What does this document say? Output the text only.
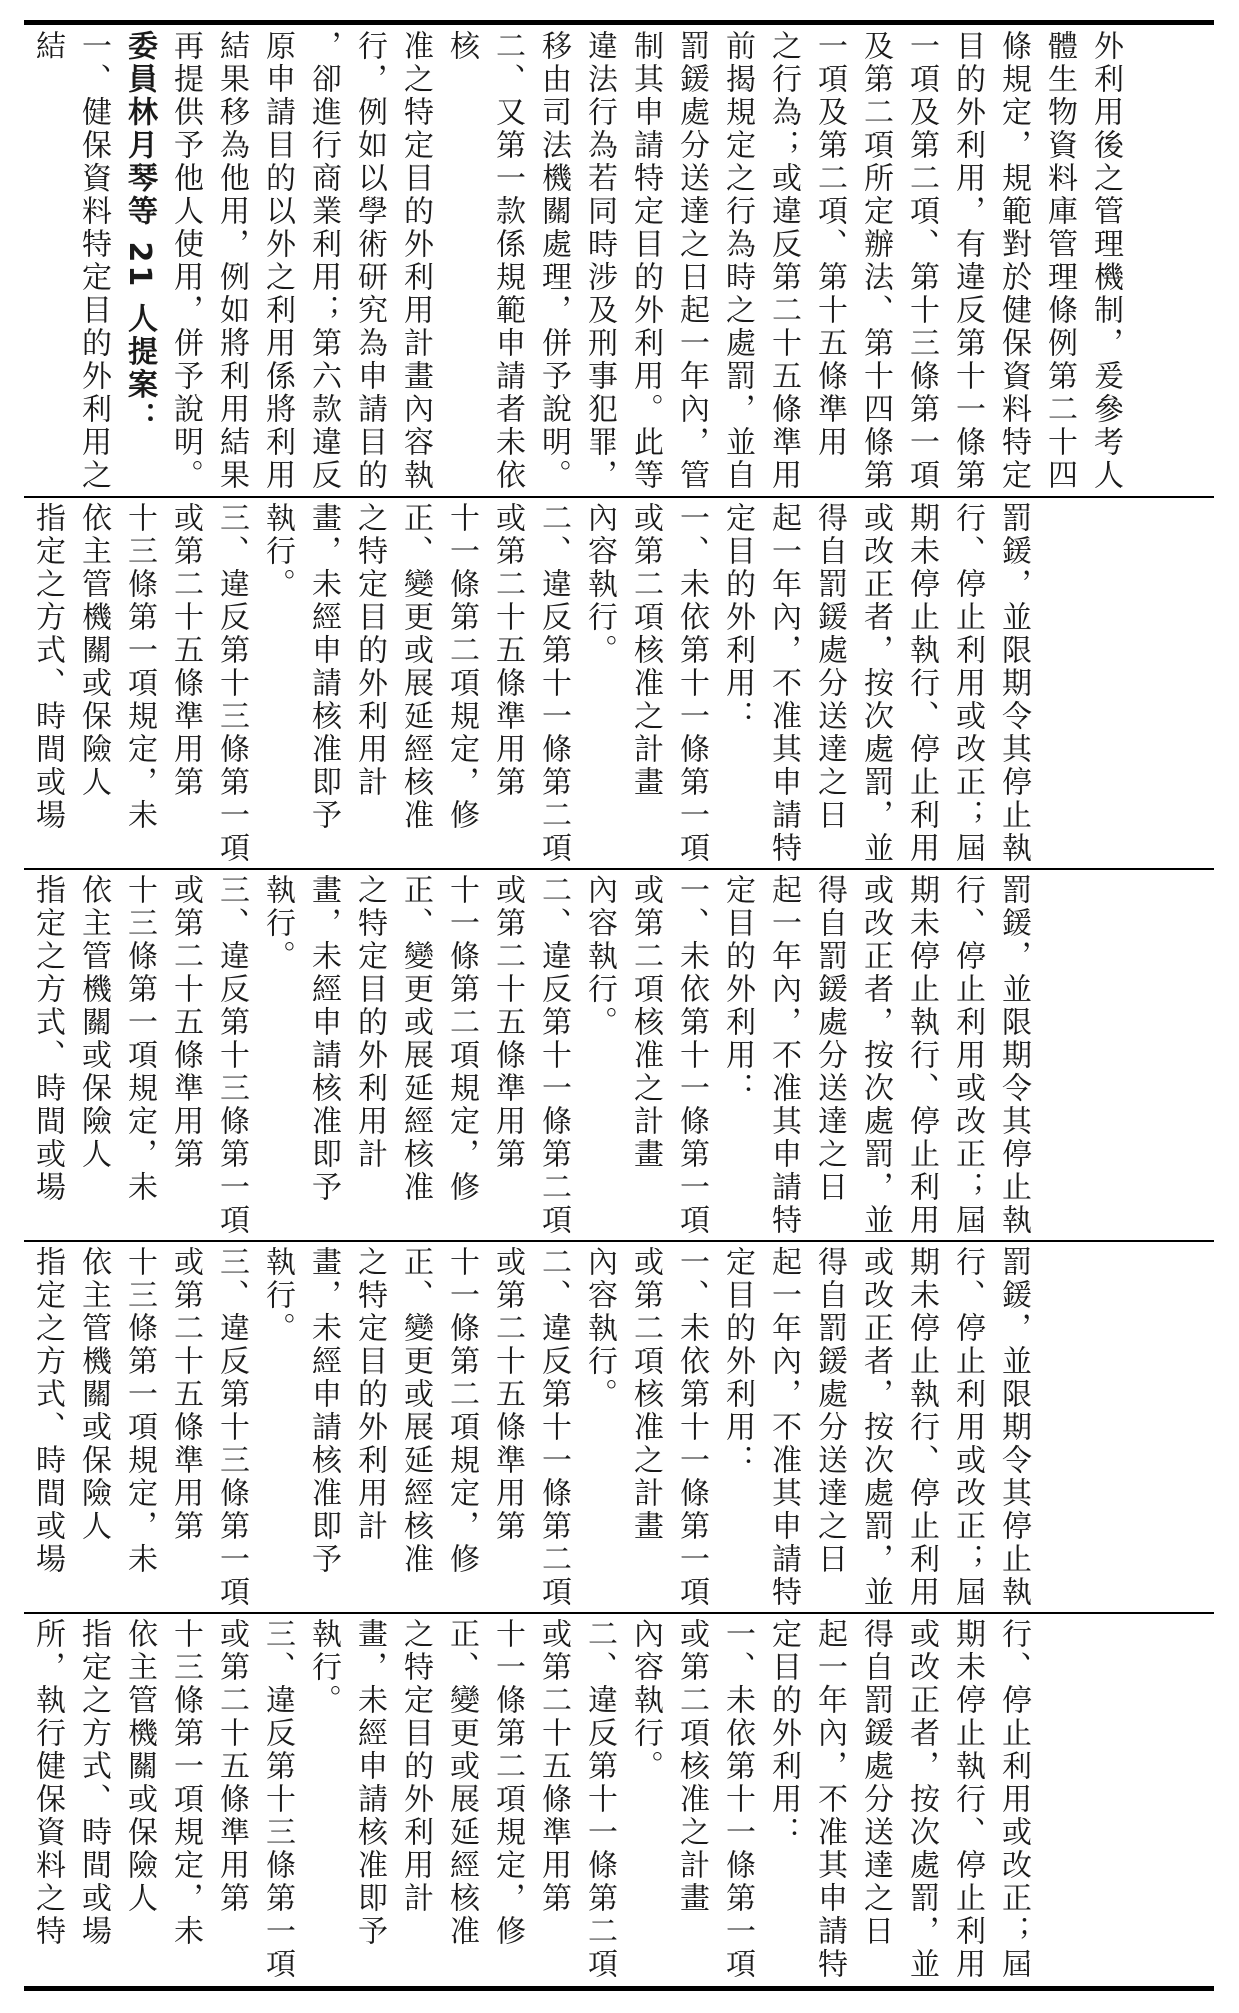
外利用後之管理機制，爰參考人

體生物資料庫管理條例第二十四

條規定，規範對於健保資料特定

目的外利用，有違反第十一條第

一項及第二項、第十三條第一項

及第二項所定辦法、第十四條第

一項及第二項、第十五條準用

之行為；或違反第二十五條準用

前揭規定之行為時之處罰，並自

罰鍰處分送達之日起一年內，管

制其申請特定目的外利用。此等

違法行為若同時涉及刑事犯罪，

移由司法機關處理，併予說明。

二、又第一款係規範申請者未依核

准之特定目的外利用計畫內容執

行，例如以學術研究為申請目的

，卻進行商業利用；第六款違反

原申請目的以外之利用係將利用

結果移為他用，例如將利用結果

再提供予他人使用，併予說明。

委員林月琴等 21 人提案：

一、健保資料特定目的外利用之結

罰鍰，並限期令其停止執

行、停止利用或改正；屆

期未停止執行、停止利用

或改正者，按次處罰，並

得自罰鍰處分送達之日

起一年內，不准其申請特

定目的外利用：

一、未依第十一條第一項

或第二項核准之計畫

內容執行。

二、違反第十一條第二項

或第二十五條準用第

十一條第二項規定，修

正、變更或展延經核准

之特定目的外利用計

畫，未經申請核准即予

執行。

三、違反第十三條第一項

或第二十五條準用第

十三條第一項規定，未

依主管機關或保險人

指定之方式、時間或場

罰鍰，並限期令其停止執

行、停止利用或改正；屆

期未停止執行、停止利用

或改正者，按次處罰，並

得自罰鍰處分送達之日

起一年內，不准其申請特

定目的外利用：

一、未依第十一條第一項

或第二項核准之計畫

內容執行。

二、違反第十一條第二項

或第二十五條準用第

十一條第二項規定，修

正、變更或展延經核准

之特定目的外利用計

畫，未經申請核准即予

執行。

三、違反第十三條第一項

或第二十五條準用第

十三條第一項規定，未

依主管機關或保險人

指定之方式、時間或場

罰鍰，並限期令其停止執

行、停止利用或改正；屆

期未停止執行、停止利用

或改正者，按次處罰，並

得自罰鍰處分送達之日

起一年內，不准其申請特

定目的外利用：

一、未依第十一條第一項

或第二項核准之計畫

內容執行。

二、違反第十一條第二項

或第二十五條準用第

十一條第二項規定，修

正、變更或展延經核准

之特定目的外利用計

畫，未經申請核准即予

執行。

三、違反第十三條第一項

或第二十五條準用第

十三條第一項規定，未

依主管機關或保險人

指定之方式、時間或場

行、停止利用或改正；屆

期未停止執行、停止利用

或改正者，按次處罰，並

得自罰鍰處分送達之日

起一年內，不准其申請特

定目的外利用：

一、未依第十一條第一項

或第二項核准之計畫

內容執行。

二、違反第十一條第二項

或第二十五條準用第

十一條第二項規定，修

正、變更或展延經核准

之特定目的外利用計

畫，未經申請核准即予

執行。

三、違反第十三條第一項

或第二十五條準用第

十三條第一項規定，未

依主管機關或保險人

指定之方式、時間或場

所，執行健保資料之特
